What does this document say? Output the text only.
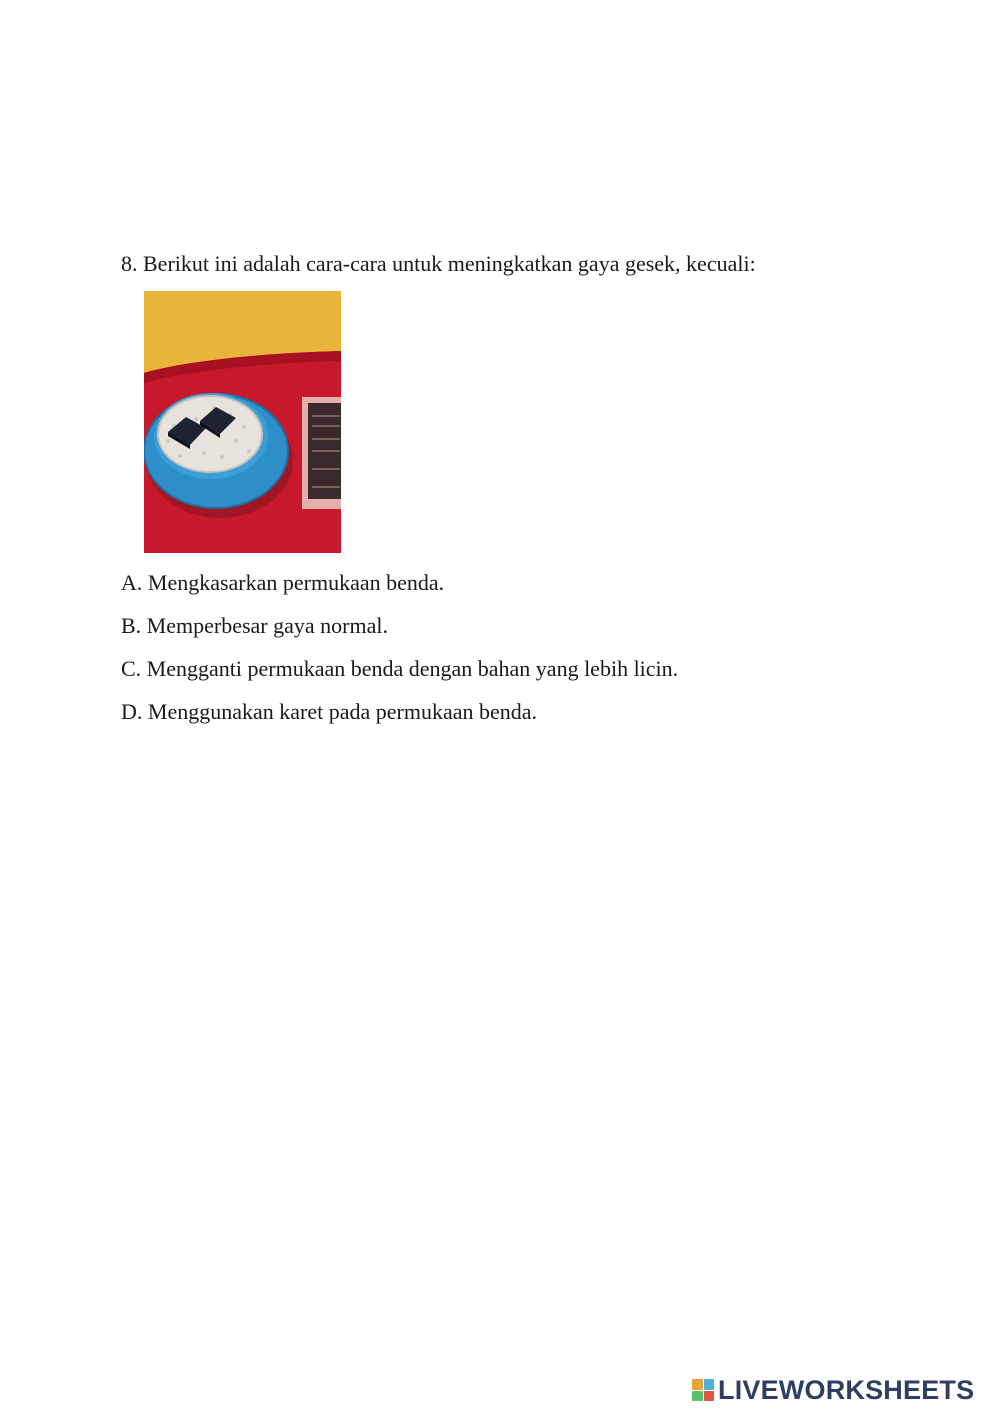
8. Berikut ini adalah cara-cara untuk meningkatkan gaya gesek, kecuali:
A. Mengkasarkan permukaan benda.
B. Memperbesar gaya normal.
C. Mengganti permukaan benda dengan bahan yang lebih licin.
D. Menggunakan karet pada permukaan benda.
LIVEWORKSHEETS
